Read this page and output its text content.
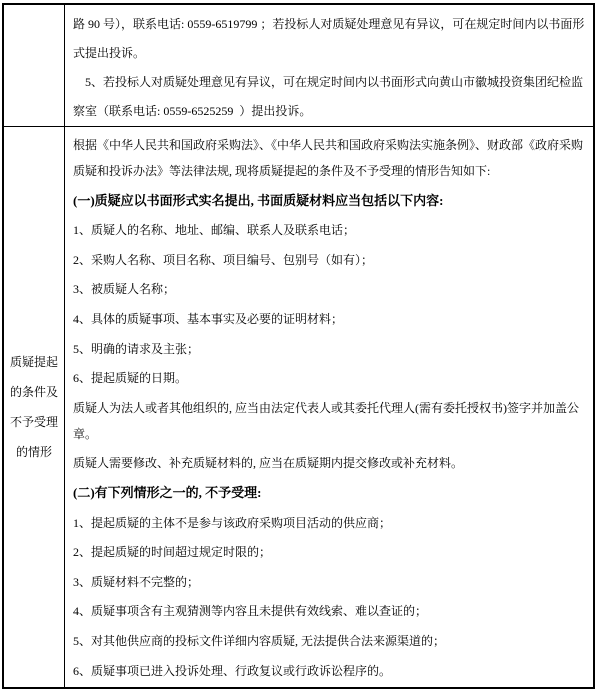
	路 90 号），联系电话: 0559-6519799 ；若投标人对质疑处理意见有异议，可在规定时间内以书面形式提出投诉。

　5、若投标人对质疑处理意见有异议，可在规定时间内以书面形式向黄山市徽城投资集团纪检监察室（联系电话: 0559-6525259  ）提出投诉。

质疑提起
的条件及
不予受理
的情形

根据《中华人民共和国政府采购法》、《中华人民共和国政府采购法实施条例》、财政部《政府采购质疑和投诉办法》等法律法规, 现将质疑提起的条件及不予受理的情形告知如下:

(一)质疑应以书面形式实名提出, 书面质疑材料应当包括以下内容:

1、质疑人的名称、地址、邮编、联系人及联系电话；

2、采购人名称、项目名称、项目编号、包别号（如有）；

3、被质疑人名称；

4、具体的质疑事项、基本事实及必要的证明材料；

5、明确的请求及主张；

6、提起质疑的日期。

质疑人为法人或者其他组织的, 应当由法定代表人或其委托代理人(需有委托授权书)签字并加盖公章。

质疑人需要修改、补充质疑材料的, 应当在质疑期内提交修改或补充材料。

(二)有下列情形之一的, 不予受理:

1、提起质疑的主体不是参与该政府采购项目活动的供应商；

2、提起质疑的时间超过规定时限的；

3、质疑材料不完整的；

4、质疑事项含有主观猜测等内容且未提供有效线索、难以查证的；

5、对其他供应商的投标文件详细内容质疑, 无法提供合法来源渠道的；

6、质疑事项已进入投诉处理、行政复议或行政诉讼程序的。
